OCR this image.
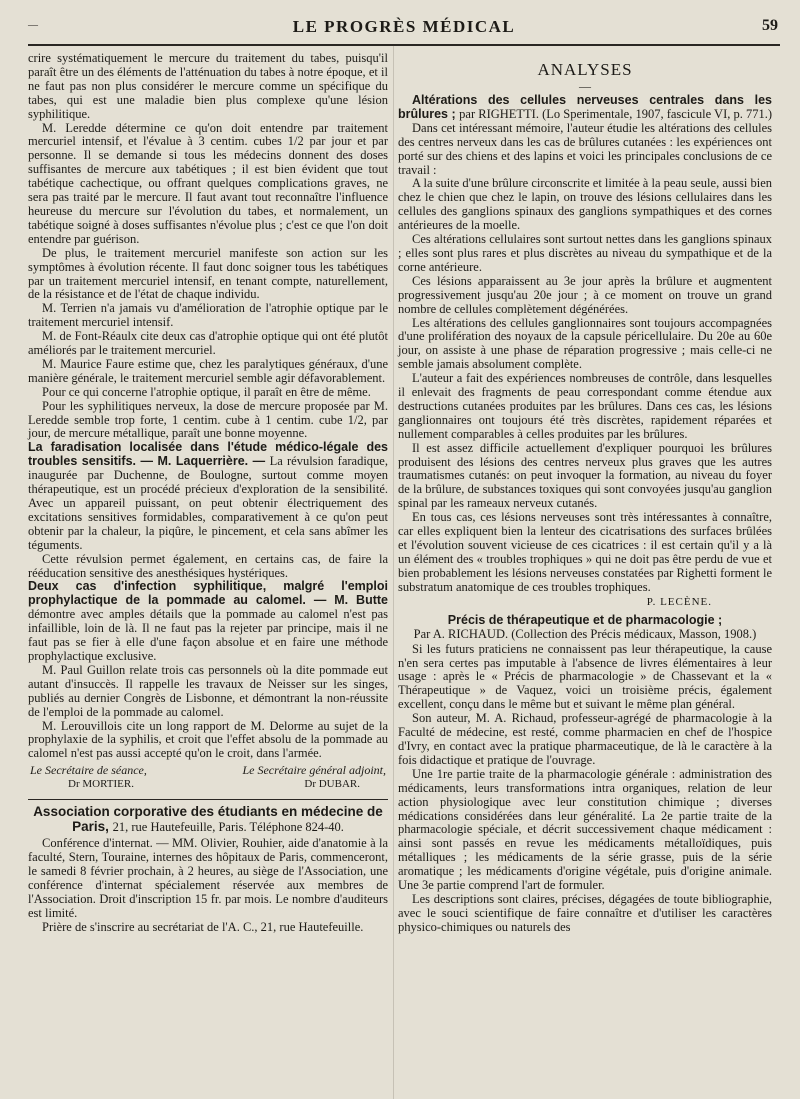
—	LE PROGRÈS MÉDICAL	59

crire systématiquement le mercure du traitement du tabes, puisqu'il paraît être un des éléments de l'atténuation du tabes à notre époque, et il ne faut pas non plus considérer le mercure comme un spécifique du tabes, qui est une maladie bien plus complexe qu'une lésion syphilitique.

M. Leredde détermine ce qu'on doit entendre par traitement mercuriel intensif, et l'évalue à 3 centim. cubes 1/2 par jour et par personne. Il se demande si tous les médecins donnent des doses suffisantes de mercure aux tabétiques ; il est bien évident que tout tabétique cachectique, ou offrant quelques complications graves, ne sera pas traité par le mercure. Il faut avant tout reconnaître l'influence heureuse du mercure sur l'évolution du tabes, et normalement, un tabétique soigné à doses suffisantes n'évolue plus ; c'est ce que l'on doit entendre par guérison.

De plus, le traitement mercuriel manifeste son action sur les symptômes à évolution récente. Il faut donc soigner tous les tabétiques par un traitement mercuriel intensif, en tenant compte, naturellement, de la résistance et de l'état de chaque individu.

M. Terrien n'a jamais vu d'amélioration de l'atrophie optique par le traitement mercuriel intensif.

M. de Font-Réaulx cite deux cas d'atrophie optique qui ont été plutôt améliorés par le traitement mercuriel.

M. Maurice Faure estime que, chez les paralytiques généraux, d'une manière générale, le traitement mercuriel semble agir défavorablement.

Pour ce qui concerne l'atrophie optique, il paraît en être de même.

Pour les syphilitiques nerveux, la dose de mercure proposée par M. Leredde semble trop forte, 1 centim. cube à 1 centim. cube 1/2, par jour, de mercure métallique, paraît une bonne moyenne.

La faradisation localisée dans l'étude médico-légale des troubles sensitifs. — M. Laquerrière. — La révulsion faradique, inaugurée par Duchenne, de Boulogne, surtout comme moyen thérapeutique, est un procédé précieux d'exploration de la sensibilité. Avec un appareil puissant, on peut obtenir électriquement des excitations sensitives formidables, comparativement à ce qu'on peut obtenir par la chaleur, la piqûre, le pincement, et cela sans abîmer les téguments.

Cette révulsion permet également, en certains cas, de faire la rééducation sensitive des anesthésiques hystériques.

Deux cas d'infection syphilitique, malgré l'emploi prophylactique de la pommade au calomel. — M. Butte démontre avec amples détails que la pommade au calomel n'est pas infaillible, loin de là. Il ne faut pas la rejeter par principe, mais il ne faut pas se fier à elle d'une façon absolue et en faire une méthode prophylactique exclusive.

M. Paul Guillon relate trois cas personnels où la dite pommade eut autant d'insuccès. Il rappelle les travaux de Neisser sur les singes, publiés au dernier Congrès de Lisbonne, et démontrant la non-réussite de l'emploi de la pommade au calomel.

M. Lerouvillois cite un long rapport de M. Delorme au sujet de la prophylaxie de la syphilis, et croit que l'effet absolu de la pommade au calomel n'est pas aussi accepté qu'on le croit, dans l'armée.

Le Secrétaire de séance,	Le Secrétaire général adjoint,
Dr MORTIER.	Dr DUBAR.
Association corporative des étudiants en médecine de Paris, 21, rue Hautefeuille, Paris. Téléphone 824-40.

Conférence d'internat. — MM. Olivier, Rouhier, aide d'anatomie à la faculté, Stern, Touraine, internes des hôpitaux de Paris, commenceront, le samedi 8 février prochain, à 2 heures, au siège de l'Association, une conférence d'internat spécialement réservée aux membres de l'Association. Droit d'inscription 15 fr. par mois. Le nombre d'auditeurs est limité.

Prière de s'inscrire au secrétariat de l'A. C., 21, rue Hautefeuille.

ANALYSES
—

Altérations des cellules nerveuses centrales dans les brûlures ; par RIGHETTI. (Lo Sperimentale, 1907, fascicule VI, p. 771.)

Dans cet intéressant mémoire, l'auteur étudie les altérations des cellules des centres nerveux dans les cas de brûlures cutanées : les expériences ont porté sur des chiens et des lapins et voici les principales conclusions de ce travail :

A la suite d'une brûlure circonscrite et limitée à la peau seule, aussi bien chez le chien que chez le lapin, on trouve des lésions cellulaires dans les cellules des ganglions spinaux des ganglions sympathiques et des cornes antérieures de la moelle.

Ces altérations cellulaires sont surtout nettes dans les ganglions spinaux ; elles sont plus rares et plus discrètes au niveau du sympathique et de la corne antérieure.

Ces lésions apparaissent au 3e jour après la brûlure et augmentent progressivement jusqu'au 20e jour ; à ce moment on trouve un grand nombre de cellules complètement dégénérées.

Les altérations des cellules ganglionnaires sont toujours accompagnées d'une prolifération des noyaux de la capsule péricellulaire. Du 20e au 60e jour, on assiste à une phase de réparation progressive ; mais celle-ci ne semble jamais absolument complète.

L'auteur a fait des expériences nombreuses de contrôle, dans lesquelles il enlevait des fragments de peau correspondant comme étendue aux destructions cutanées produites par les brûlures. Dans ces cas, les lésions ganglionnaires ont toujours été très discrètes, rapidement réparées et nullement comparables à celles produites par les brûlures.

Il est assez difficile actuellement d'expliquer pourquoi les brûlures produisent des lésions des centres nerveux plus graves que les autres traumatismes cutanés: on peut invoquer la formation, au niveau du foyer de la brûlure, de substances toxiques qui sont convoyées jusqu'au ganglion spinal par les rameaux nerveux cutanés.

En tous cas, ces lésions nerveuses sont très intéressantes à connaître, car elles expliquent bien la lenteur des cicatrisations des surfaces brûlées et l'évolution souvent vicieuse de ces cicatrices : il est certain qu'il y a là un élément des « troubles trophiques » qui ne doit pas être perdu de vue et bien probablement les lésions nerveuses constatées par Righetti forment le substratum anatomique de ces troubles trophiques.

P. LECÈNE.
Précis de thérapeutique et de pharmacologie ;
Par A. RICHAUD. (Collection des Précis médicaux, Masson, 1908.)

Si les futurs praticiens ne connaissent pas leur thérapeutique, la cause n'en sera certes pas imputable à l'absence de livres élémentaires à leur usage : après le « Précis de pharmacologie » de Chassevant et la « Thérapeutique » de Vaquez, voici un troisième précis, également excellent, conçu dans le même but et suivant le même plan général.

Son auteur, M. A. Richaud, professeur-agrégé de pharmacologie à la Faculté de médecine, est resté, comme pharmacien en chef de l'hospice d'Ivry, en contact avec la pratique pharmaceutique, de là le caractère à la fois didactique et pratique de l'ouvrage.

Une 1re partie traite de la pharmacologie générale : administration des médicaments, leurs transformations intra organiques, relation de leur action physiologique avec leur constitution chimique ; diverses médications considérées dans leur généralité. La 2e partie traite de la pharmacologie spéciale, et décrit successivement chaque médicament : ainsi sont passés en revue les médicaments métalloïdiques, puis métalliques ; les médicaments de la série grasse, puis de la série aromatique ; les médicaments d'origine végétale, puis d'origine animale. Une 3e partie comprend l'art de formuler.

Les descriptions sont claires, précises, dégagées de toute bibliographie, avec le souci scientifique de faire connaître et d'utiliser les caractères physico-chimiques ou naturels des
